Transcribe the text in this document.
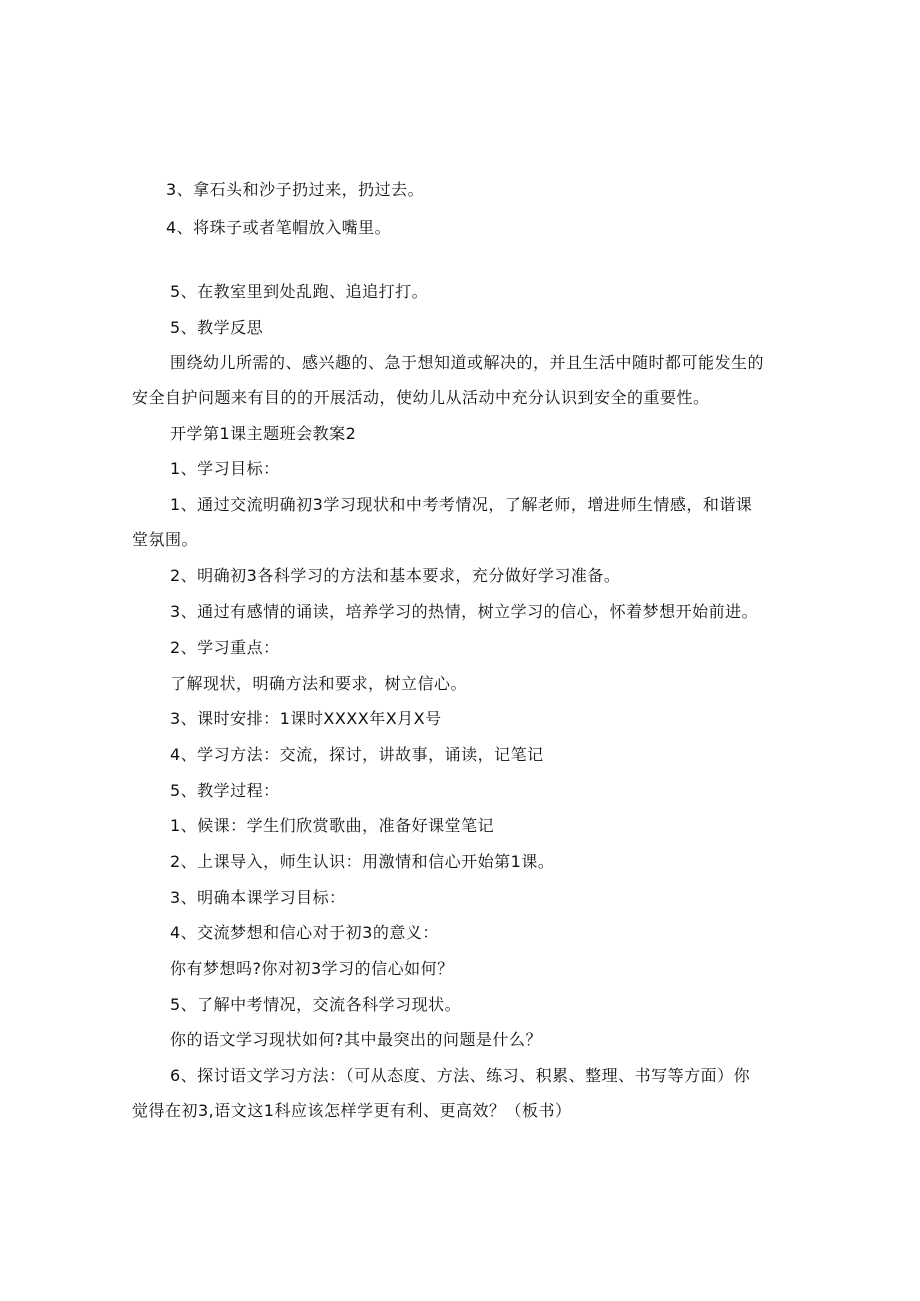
3、拿石头和沙子扔过来，扔过去。
4、将珠子或者笔帽放入嘴里。
5、在教室里到处乱跑、追追打打。
5、教学反思
围绕幼儿所需的、感兴趣的、急于想知道或解决的，并且生活中随时都可能发生的
安全自护问题来有目的的开展活动，使幼儿从活动中充分认识到安全的重要性。
开学第1课主题班会教案2
1、学习目标：
1、通过交流明确初3学习现状和中考考情况，了解老师，增进师生情感，和谐课
堂氛围。
2、明确初3各科学习的方法和基本要求，充分做好学习准备。
3、通过有感情的诵读，培养学习的热情，树立学习的信心，怀着梦想开始前进。
2、学习重点：
了解现状，明确方法和要求，树立信心。
3、课时安排：1课时XXXX年X月X号
4、学习方法：交流，探讨，讲故事，诵读，记笔记
5、教学过程：
1、候课：学生们欣赏歌曲，准备好课堂笔记
2、上课导入，师生认识：用激情和信心开始第1课。
3、明确本课学习目标：
4、交流梦想和信心对于初3的意义：
你有梦想吗?你对初3学习的信心如何？
5、了解中考情况，交流各科学习现状。
你的语文学习现状如何?其中最突出的问题是什么？
6、探讨语文学习方法：（可从态度、方法、练习、积累、整理、书写等方面）你
觉得在初3,语文这1科应该怎样学更有利、更高效？（板书）
